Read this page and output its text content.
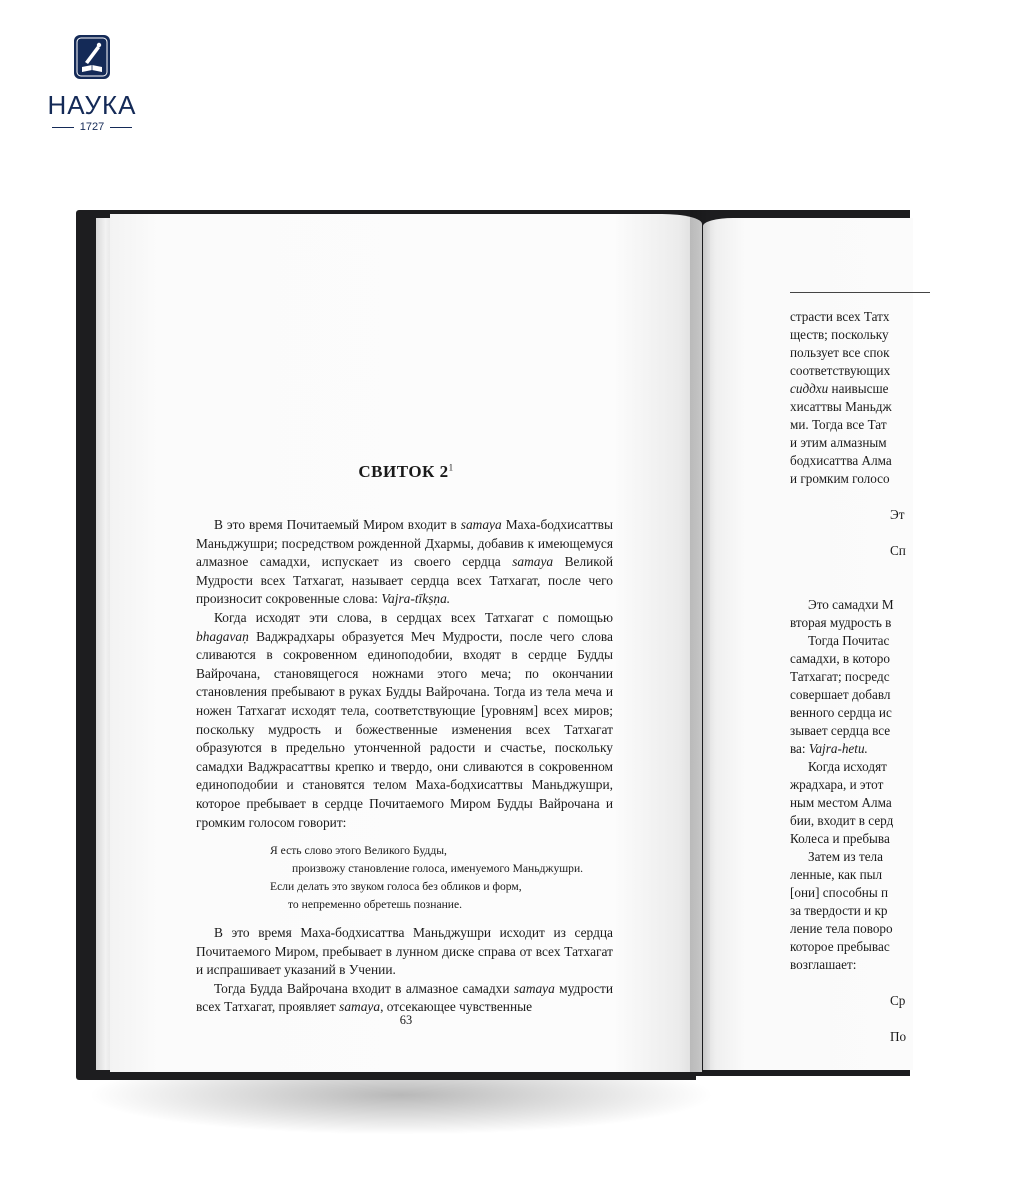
НАУКА
1727
страсти всех Татх
ществ; поскольку
пользует все спок
соответствующих
сиддхи наивысше
хисаттвы Маньдж
ми. Тогда все Тат
и этим алмазным
бодхисаттва Алма
и громким голосо
Эт
Сп
Это самадхи М
вторая мудрость в
Тогда Почитас
самадхи, в которо
Татхагат; посредс
совершает добавл
венного сердца ис
зывает сердца все
ва: Vajra-hetu.
Когда исходят
жрадхара, и этот
ным местом Алма
бии, входит в серд
Колеса и пребыва
Затем из тела
ленные, как пыл
[они] способны п
за твердости и кр
ление тела поворо
которое пребывас
возглашает:
Ср
По
СВИТОК $2^1$

В это время Почитаемый Миром входит в samaya Маха-бодхисаттвы Маньджушри; посредством рожденной Дхармы, добавив к имеющемуся алмазное самадхи, испускает из своего сердца samaya Великой Мудрости всех Татхагат, называет сердца всех Татхагат, после чего произносит сокровенные слова: Vajra-tīkṣṇa.

Когда исходят эти слова, в сердцах всех Татхагат с помощью bhagavaṇ Ваджрадхары образуется Меч Мудрости, после чего слова сливаются в сокровенном единоподобии, входят в сердце Будды Вайрочана, становящегося ножнами этого меча; по окончании становления пребывают в руках Будды Вайрочана. Тогда из тела меча и ножен Татхагат исходят тела, соответствующие [уровням] всех миров; поскольку мудрость и божественные изменения всех Татхагат образуются в предельно утонченной радости и счастье, поскольку самадхи Ваджрасаттвы крепко и твердо, они сливаются в сокровенном единоподобии и становятся телом Маха-бодхисаттвы Маньджушри, которое пребывает в сердце Почитаемого Миром Будды Вайрочана и громким голосом говорит:

Я есть слово этого Великого Будды,
произвожу становление голоса, именуемого Маньджушри.
Если делать это звуком голоса без обликов и форм,
то непременно обретешь познание.

В это время Маха-бодхисаттва Маньджушри исходит из сердца Почитаемого Миром, пребывает в лунном диске справа от всех Татхагат и испрашивает указаний в Учении.

Тогда Будда Вайрочана входит в алмазное самадхи samaya мудрости всех Татхагат, проявляет samaya, отсекающее чувственные

63
